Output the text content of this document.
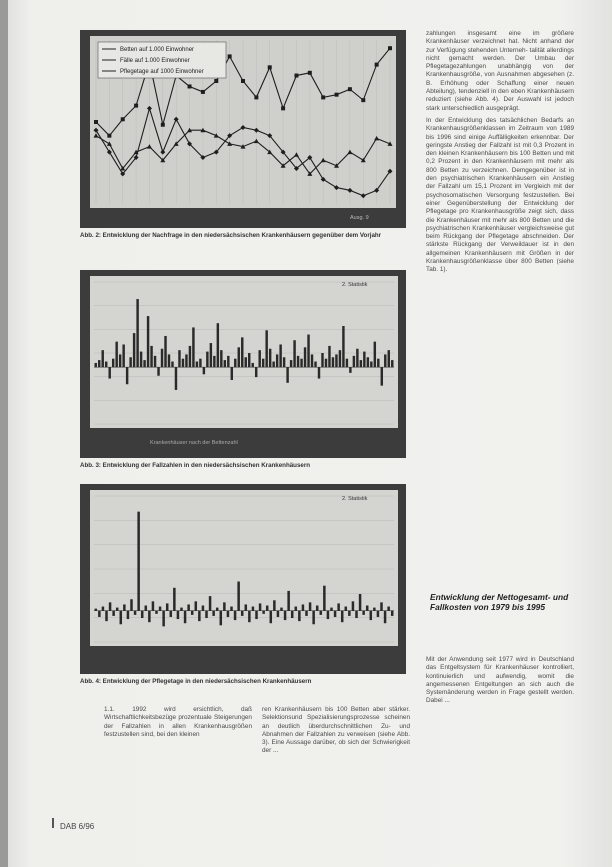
Betten auf 1.000 Einwohner
Fälle auf 1.000 Einwohner
Pflegetage auf 1000 Einwohner
Ausg. 9
Abb. 2: Entwicklung der Nachfrage in den niedersächsischen Krankenhäusern gegenüber dem Vorjahr
2. Statistik
Krankenhäuser nach der Bettenzahl
Abb. 3: Entwicklung der Fallzahlen in den niedersächsischen Krankenhäusern
2. Statistik
Abb. 4: Entwicklung der Pflegetage in den niedersächsischen Krankenhäusern

zahlungen insgesamt eine im größere Krankenhäuser verzeichnet hat. Nicht anhand der zur Verfügung stehenden Unterneh- talität allerdings nicht gemacht werden. Der Umbau der Pflegetagezahlungen unabhängig von der Krankenhausgröße, von Ausnahmen abgesehen (z. B. Erhöhung oder Schaffung einer neuen Abteilung), tendenziell in den eben Krankenhäusern reduziert (siehe Abb. 4). Der Auswahl ist jedoch stark unterschiedlich ausgeprägt.

In der Entwicklung des tatsächlichen Bedarfs an Krankenhausgrößenklassen im Zeitraum von 1989 bis 1996 sind einige Auffälligkeiten erkennbar. Der geringste Anstieg der Fallzahl ist mit 0,3 Prozent in den kleinen Krankenhäusern bis 100 Betten und mit 0,2 Prozent in den Krankenhäusern mit mehr als 800 Betten zu verzeichnen. Demgegenüber ist in den psychiatrischen Krankenhäusern ein Anstieg der Fallzahl um 15,1 Prozent im Vergleich mit der psychosomatischen Versorgung festzustellen. Bei einer Gegenüberstellung der Entwicklung der Pflegetage pro Krankenhausgröße zeigt sich, dass die Krankenhäuser mit mehr als 800 Betten und die psychiatrischen Krankenhäuser vergleichsweise gut beim Rückgang der Pflegetage abschneiden. Der stärkste Rückgang der Verweildauer ist in den allgemeinen Krankenhäusern mit Größen in der Krankenhausgrößenklasse über 800 Betten (siehe Tab. 1).

Entwicklung der Nettogesamt- und Fallkosten von 1979 bis 1995

Mit der Anwendung seit 1977 wird in Deutschland das Entgeltsystem für Krankenhäuser kontrolliert, kontinuierlich und aufwendig, womit die angemessenen Entgeltungen an sich auch die Systemänderung werden in Frage gestellt werden. Dabei ...

1.1. 1992 wird ersichtlich, daß Wirtschaftlichkeitsbezüge prozentuale Steigerungen der Fallzahlen in allen Krankenhausgrößen festzustellen sind, bei den kleinen

ren Krankenhäusern bis 100 Betten aber stärker. Selektionsund Spezialisierungsprozesse scheinen an deutlich überdurchschnittlichen Zu- und Abnahmen der Fallzahlen zu verweisen (siehe Abb. 3). Eine Aussage darüber, ob sich der Schwierigkeit der ...

DAB 6/96
